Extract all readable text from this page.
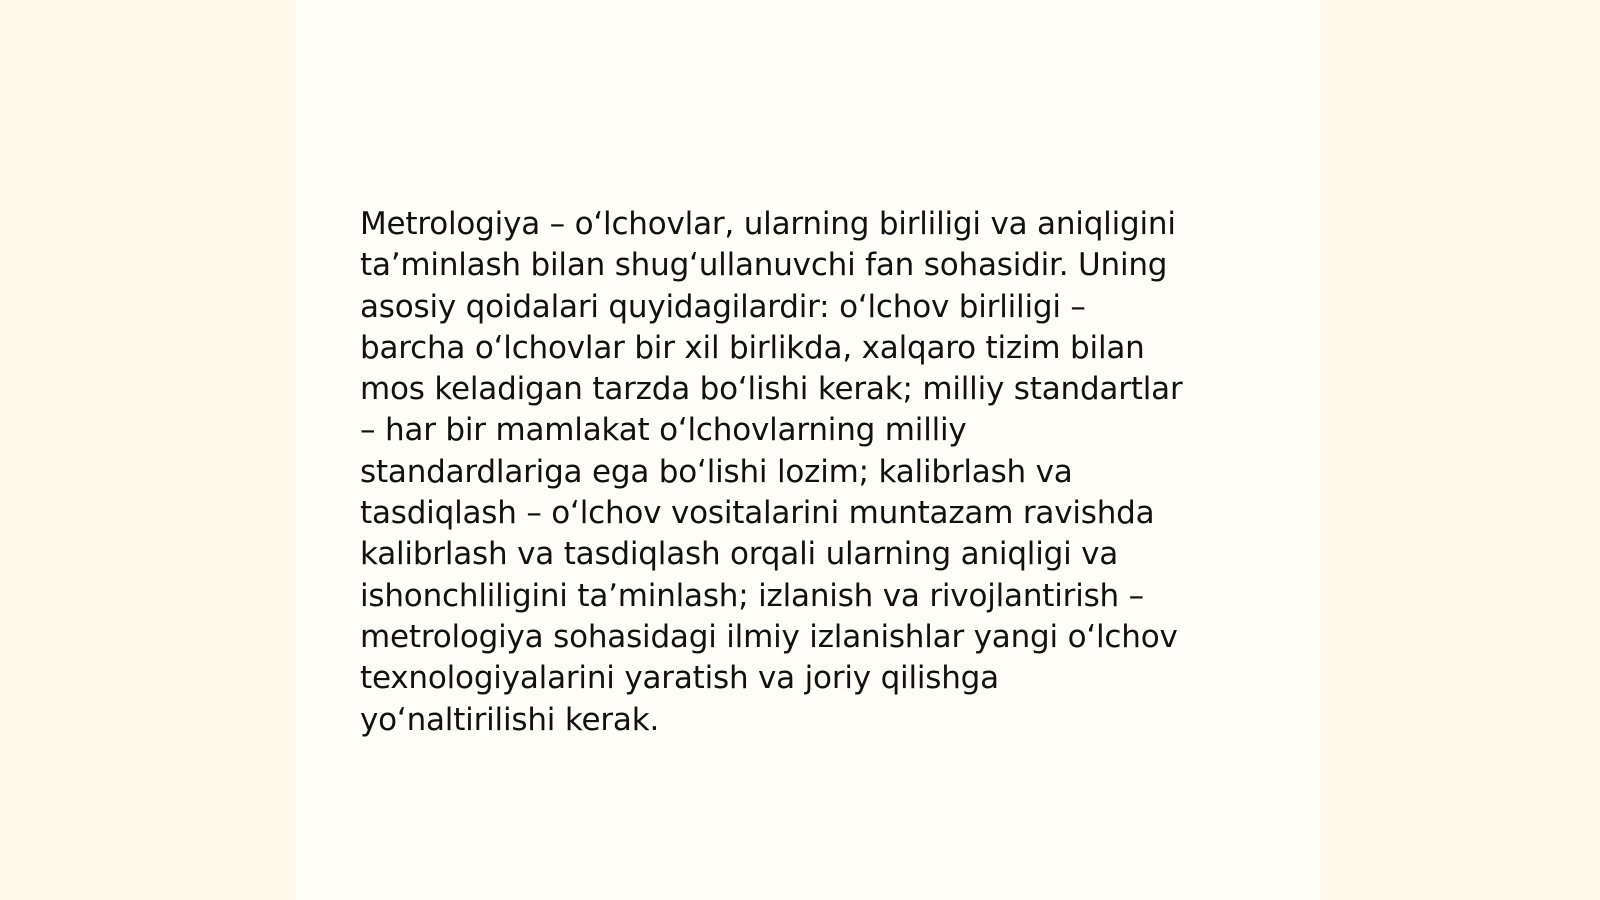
Metrologiya – oʻlchovlar, ularning birliligi va aniqligini
taʼminlash bilan shugʻullanuvchi fan sohasidir. Uning
asosiy qoidalari quyidagilardir: oʻlchov birliligi –
barcha oʻlchovlar bir xil birlikda, xalqaro tizim bilan
mos keladigan tarzda boʻlishi kerak; milliy standartlar
– har bir mamlakat oʻlchovlarning milliy
standardlariga ega boʻlishi lozim; kalibrlash va
tasdiqlash – oʻlchov vositalarini muntazam ravishda
kalibrlash va tasdiqlash orqali ularning aniqligi va
ishonchliligini taʼminlash; izlanish va rivojlantirish –
metrologiya sohasidagi ilmiy izlanishlar yangi oʻlchov
texnologiyalarini yaratish va joriy qilishga
yoʻnaltirilishi kerak.
